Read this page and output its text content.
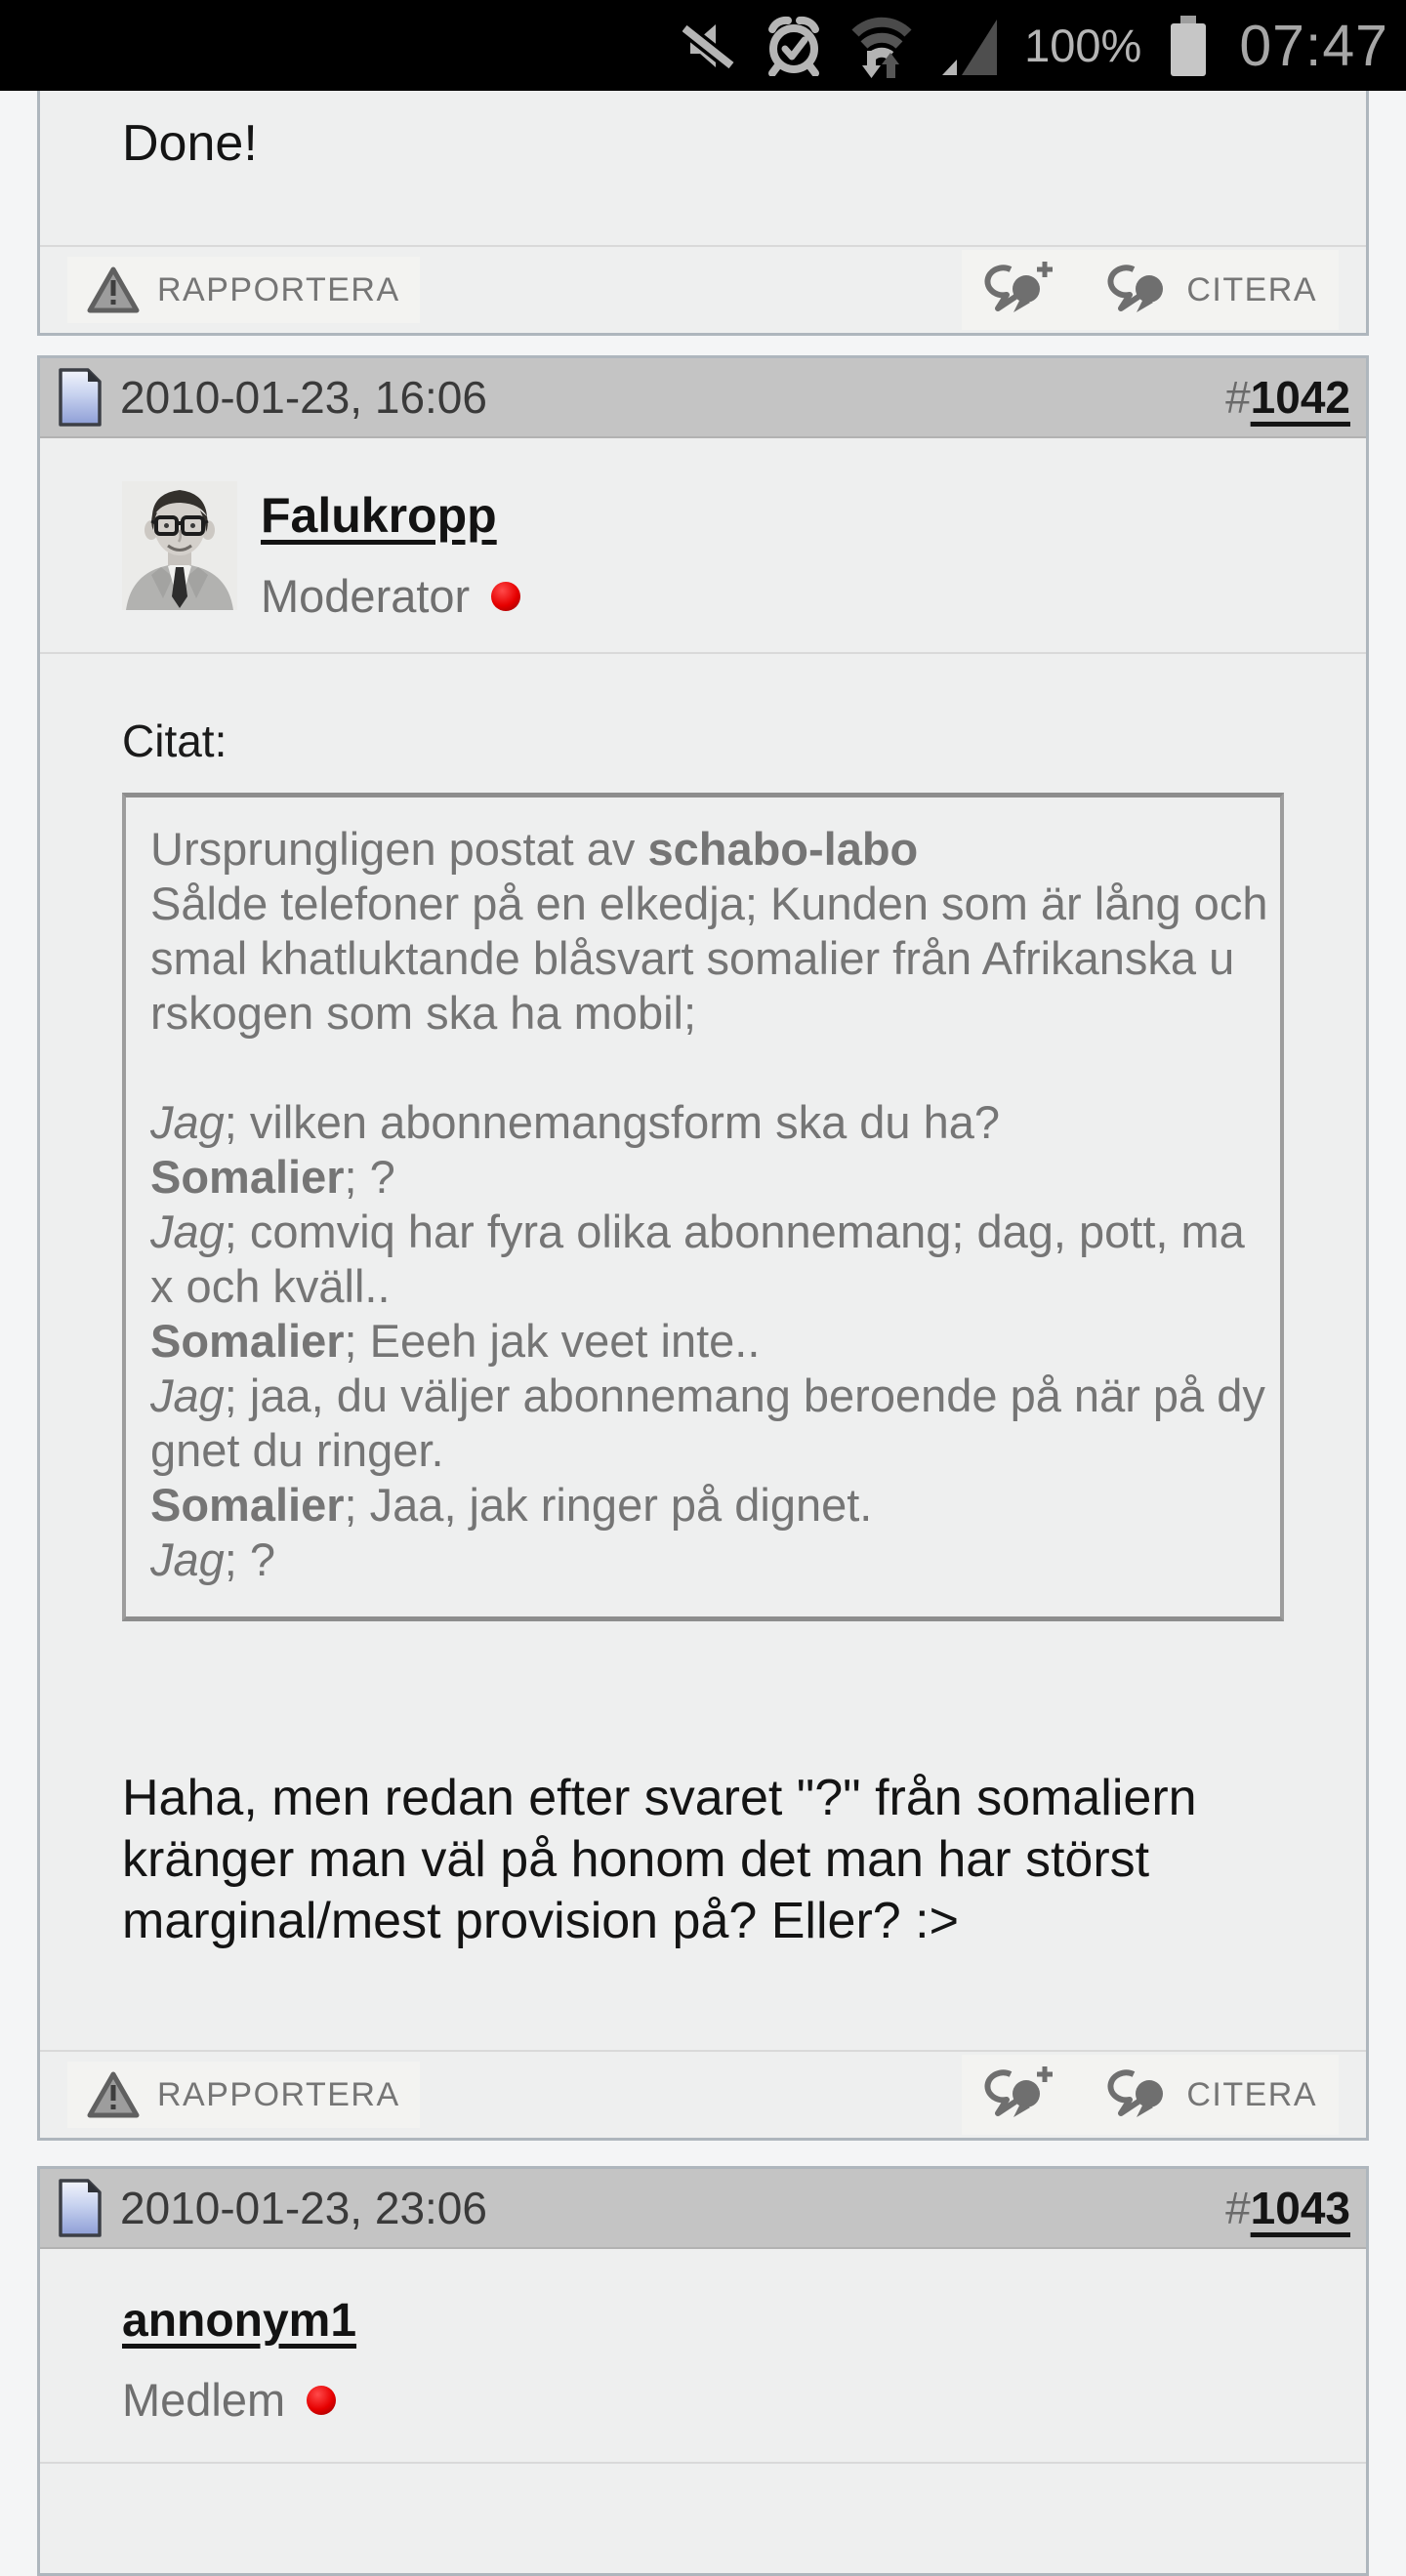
100% 07:47
Done!
RAPPORTERA	CITERA
2010-01-23, 16:06	#1042
Falukropp
Moderator
Citat:
Ursprungligen postat av schabo-labo
Sålde telefoner på en elkedja; Kunden som är lång och
smal khatluktande blåsvart somalier från Afrikanska u
rskogen som ska ha mobil;

Jag; vilken abonnemangsform ska du ha?
Somalier; ?
Jag; comviq har fyra olika abonnemang; dag, pott, ma
x och kväll..
Somalier; Eeeh jak veet inte..
Jag; jaa, du väljer abonnemang beroende på när på dy
gnet du ringer.
Somalier; Jaa, jak ringer på dignet.
Jag; ?
Haha, men redan efter svaret "?" från somaliern
kränger man väl på honom det man har störst
marginal/mest provision på? Eller? :>
RAPPORTERA	CITERA
2010-01-23, 23:06	#1043
annonym1
Medlem
